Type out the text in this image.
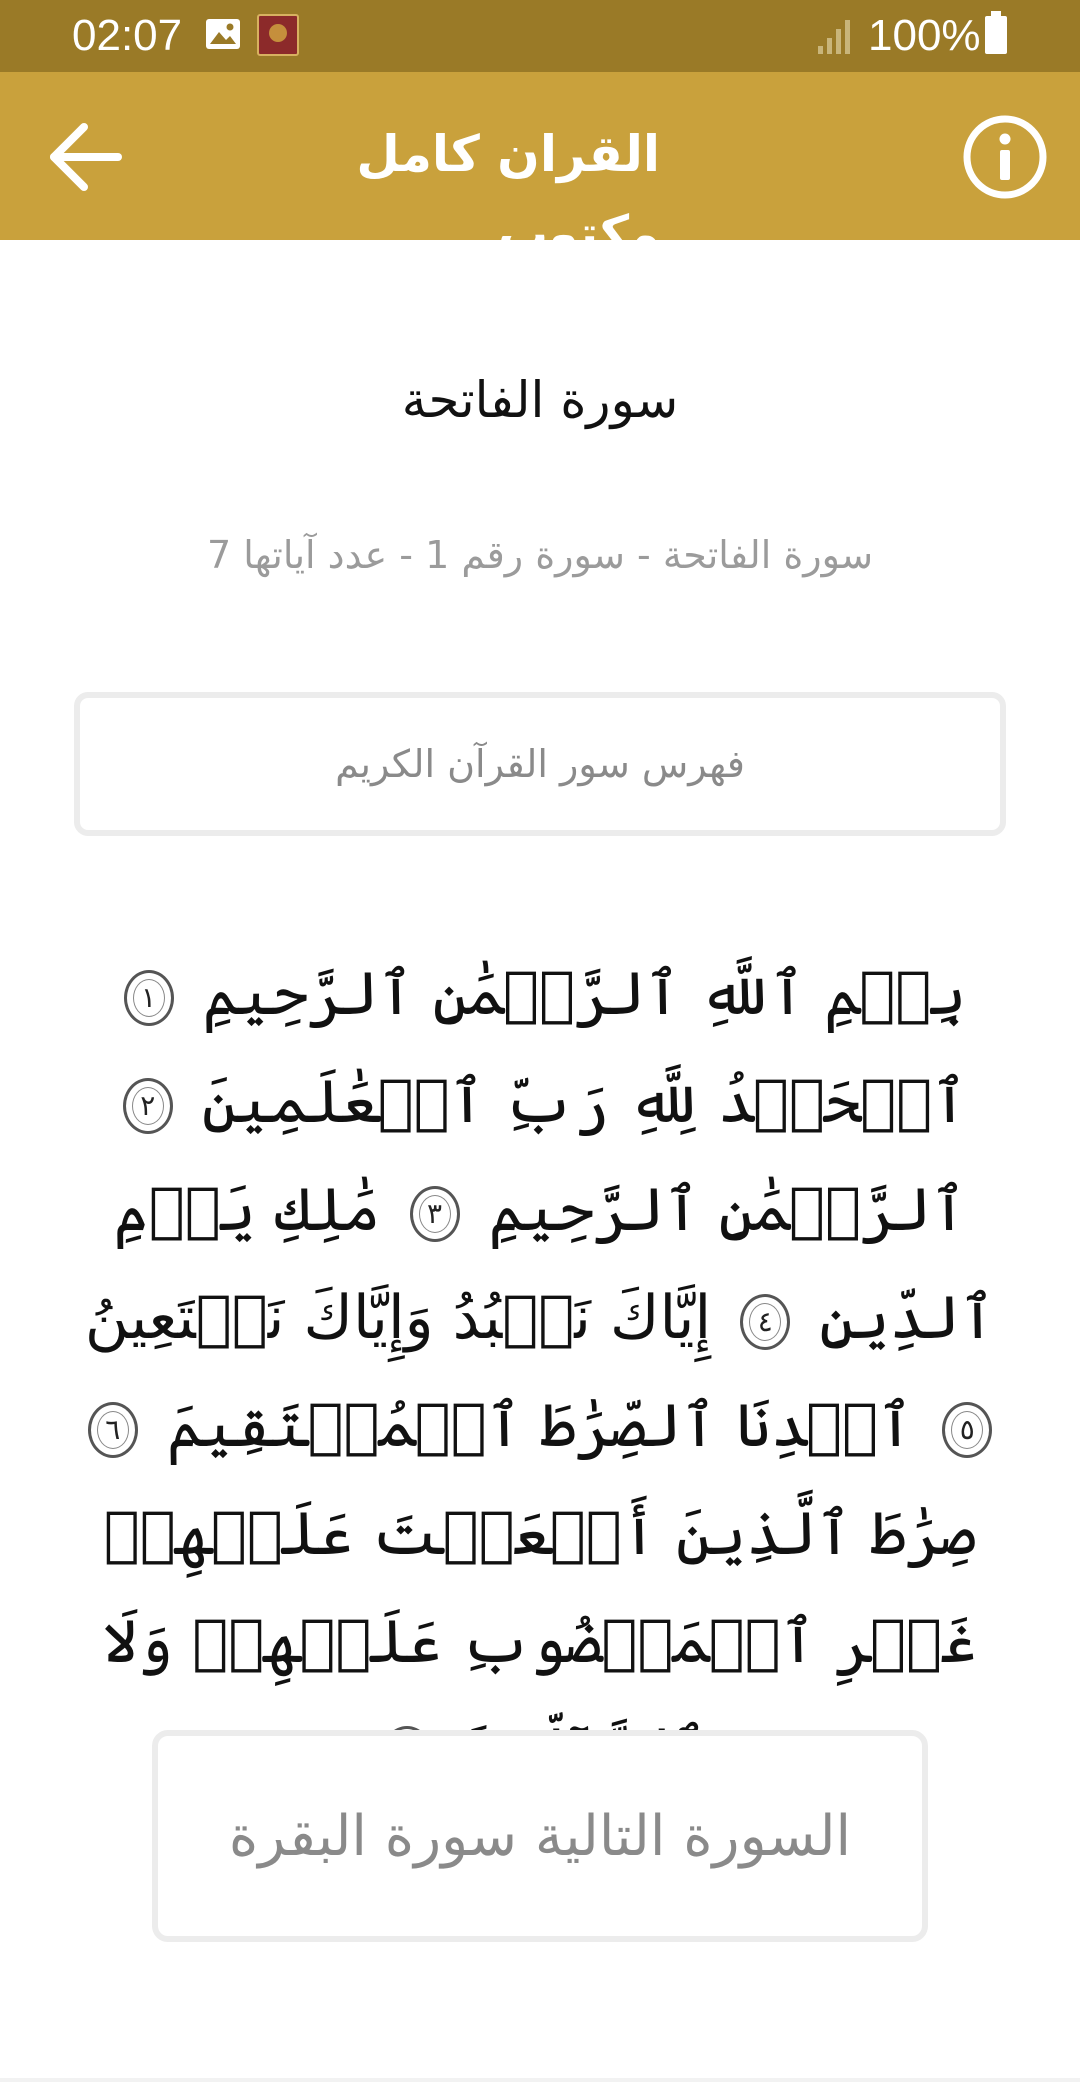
02:07	100%
القران كامل مكتوب
سورة الفاتحة
سورة الفاتحة - سورة رقم 1 - عدد آياتها 7
فهرس سور القرآن الكريم
بِسۡمِ ٱللَّهِ ٱلرَّحۡمَٰنِ ٱلرَّحِيمِ ١ ٱلۡحَمۡدُ لِلَّهِ رَبِّ ٱلۡعَٰلَمِينَ ٢ ٱلرَّحۡمَٰنِ ٱلرَّحِيمِ ٣ مَٰلِكِ يَوۡمِ ٱلدِّينِ ٤ إِيَّاكَ نَعۡبُدُ وَإِيَّاكَ نَسۡتَعِينُ ٥ ٱهۡدِنَا ٱلصِّرَٰطَ ٱلۡمُسۡتَقِيمَ ٦ صِرَٰطَ ٱلَّذِينَ أَنۡعَمۡتَ عَلَيۡهِمۡ غَيۡرِ ٱلۡمَغۡضُوبِ عَلَيۡهِمۡ وَلَا
السورة التالية سورة البقرة
